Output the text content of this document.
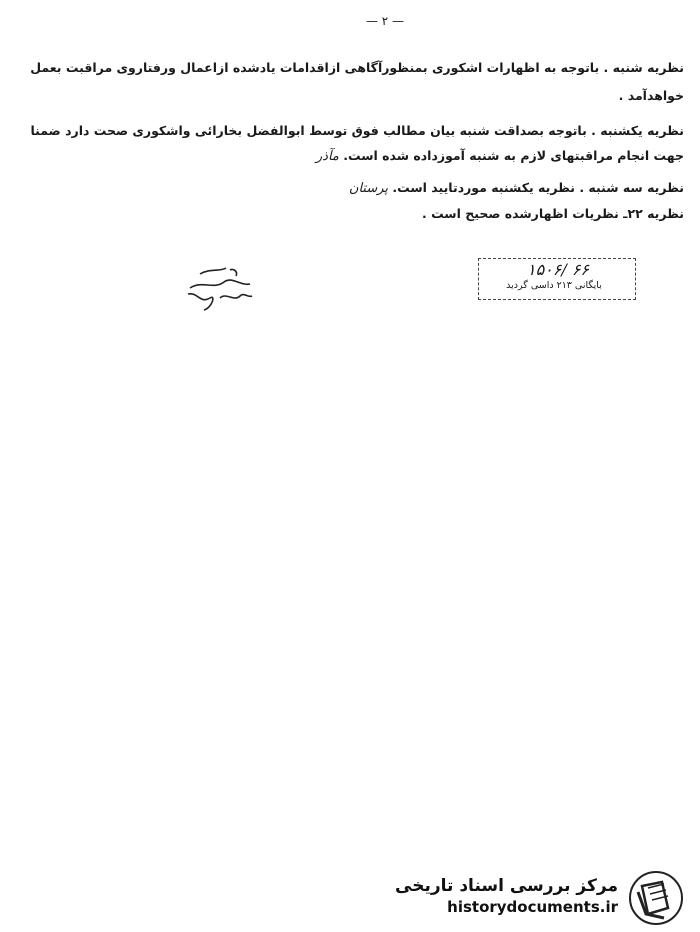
— ۲ —
نظریه شنبه . باتوجه به اظهارات اشکوری بمنظورآگاهی ازاقدامات یادشده ازاعمال ورفتاروی مراقبت بعمل
خواهدآمد .
نظریه یکشنبه . باتوجه بصداقت شنبه بیان مطالب فوق توسط ابوالفضل بخارائی واشکوری صحت دارد ضمنا
جهت انجام مراقبتهای لازم به شنبه آموزداده شده است. مآذر
نظریه سه شنبه . نظریه یکشنبه موردتایید است. پرستان
نظریه ۲۲ـ نظریات اظهارشده صحیح است .
۱۵۰۶/ ۶۶
بایگانی ۲۱۳ داسی گردید
مرکز بررسی اسناد تاریخی
historydocuments.ir
